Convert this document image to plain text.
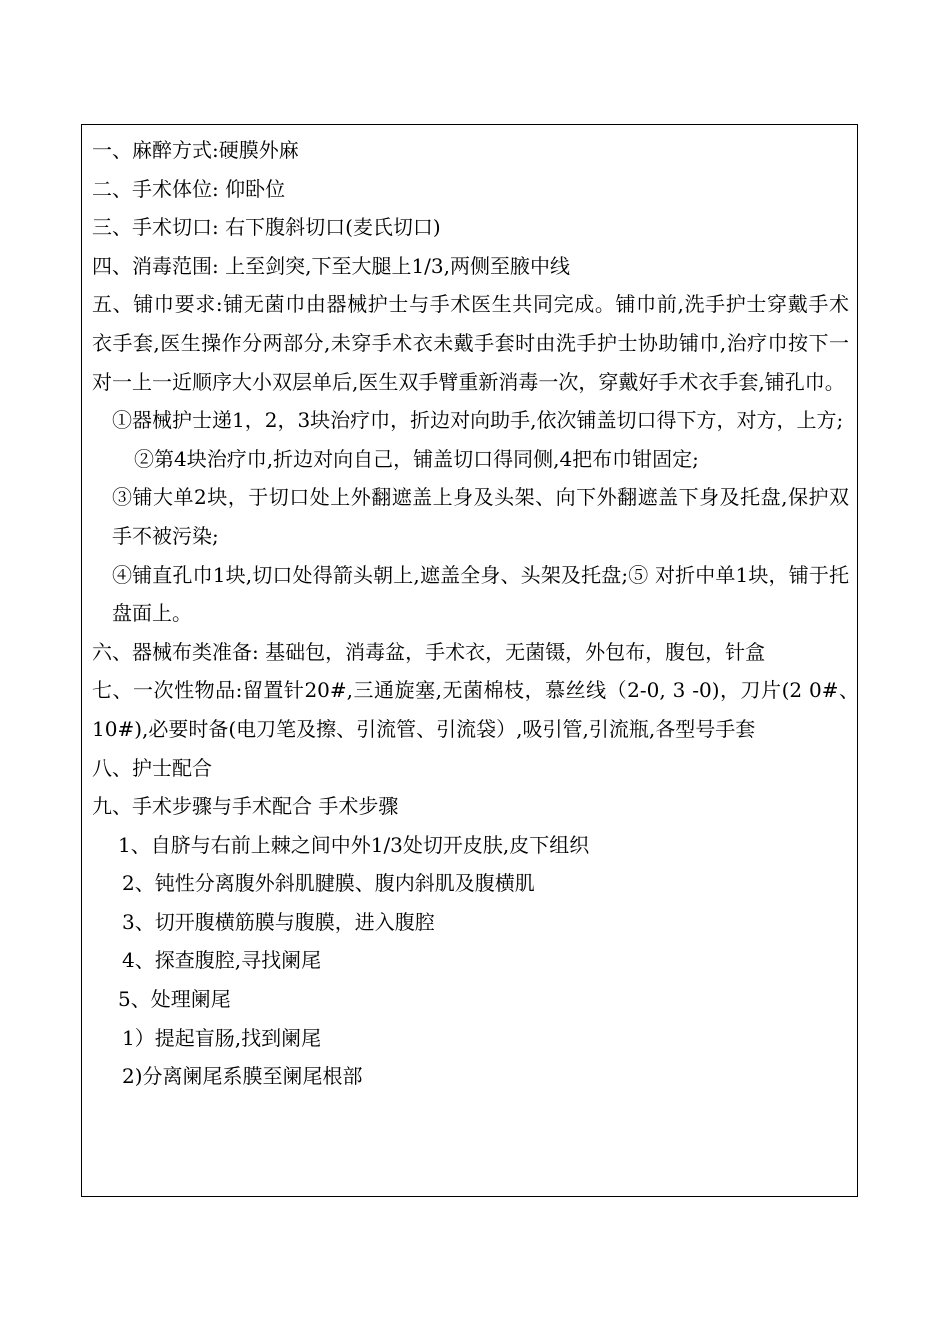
一、麻醉方式:硬膜外麻
二、手术体位: 仰卧位
三、手术切口: 右下腹斜切口(麦氏切口)
四、消毒范围: 上至剑突,下至大腿上1/3,两侧至腋中线
五、铺巾要求:铺无菌巾由器械护士与手术医生共同完成。铺巾前,洗手护士穿戴手术　衣手套,医生操作分两部分,未穿手术衣未戴手套时由洗手护士协助铺巾,治疗巾按下一对一上一近顺序大小双层单后,医生双手臂重新消毒一次，穿戴好手术衣手套,铺孔巾。
①器械护士递1，2，3块治疗巾，折边对向助手,依次铺盖切口得下方，对方，上方;
②第4块治疗巾,折边对向自己，铺盖切口得同侧,4把布巾钳固定;
③铺大单2块，于切口处上外翻遮盖上身及头架、向下外翻遮盖下身及托盘,保护双手不被污染;
④铺直孔巾1块,切口处得箭头朝上,遮盖全身、头架及托盘;⑤ 对折中单1块，铺于托盘面上。
六、器械布类准备: 基础包，消毒盆，手术衣，无菌镊，外包布，腹包，针盒
七、一次性物品:留置针20#,三通旋塞,无菌棉枝，慕丝线（2-0, 3 -0)，刀片(2 0#、　10#),必要时备(电刀笔及擦、引流管、引流袋）,吸引管,引流瓶,各型号手套
八、护士配合
九、手术步骤与手术配合 手术步骤
1、自脐与右前上棘之间中外1/3处切开皮肤,皮下组织
2、钝性分离腹外斜肌腱膜、腹内斜肌及腹横肌
3、切开腹横筋膜与腹膜，进入腹腔
4、探查腹腔,寻找阑尾
5、处理阑尾
1）提起盲肠,找到阑尾
2)分离阑尾系膜至阑尾根部
